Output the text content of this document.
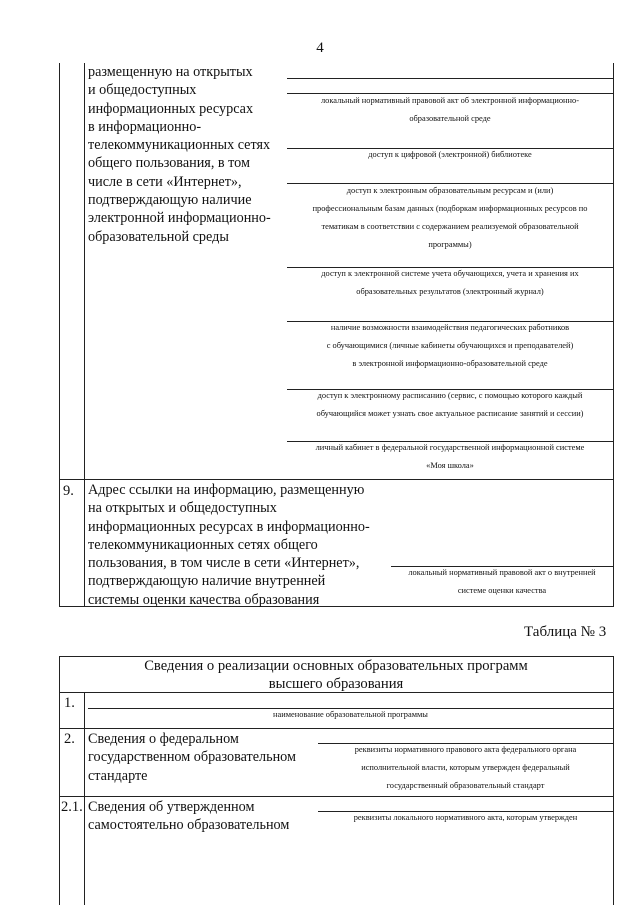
4
размещенную на открытых
и общедоступных
информационных ресурсах
в информационно-
телекоммуникационных сетях
общего пользования, в том
числе в сети «Интернет»,
подтверждающую наличие
электронной информационно-
образовательной среды
локальный нормативный правовой акт об электронной информационно-
образовательной среде
доступ к цифровой (электронной) библиотеке
доступ к электронным образовательным ресурсам и (или)
профессиональным базам данных (подборкам информационных ресурсов по
тематикам в соответствии с содержанием реализуемой образовательной
программы)
доступ к электронной системе учета обучающихся, учета и хранения их
образовательных результатов (электронный журнал)
наличие возможности взаимодействия педагогических работников
с обучающимися (личные кабинеты обучающихся и преподавателей)
в электронной информационно-образовательной среде
доступ к электронному расписанию (сервис, с помощью которого каждый
обучающийся может узнать свое актуальное расписание занятий и сессии)
личный кабинет в федеральной государственной информационной системе
«Моя школа»
9. Адрес ссылки на информацию, размещенную
на открытых и общедоступных
информационных ресурсах в информационно-
телекоммуникационных сетях общего
пользования, в том числе в сети «Интернет»,
подтверждающую наличие внутренней
системы оценки качества образования
локальный нормативный правовой акт о внутренней
системе оценки качества
Таблица № 3
Сведения о реализации основных образовательных программ
высшего образования
1.
наименование образовательной программы
2. Сведения о федеральном
государственном образовательном
стандарте
реквизиты нормативного правового акта федерального органа
исполнительной власти, которым утвержден федеральный
государственный образовательный стандарт
2.1. Сведения об утвержденном
самостоятельно образовательном	реквизиты локального нормативного акта, которым утвержден
